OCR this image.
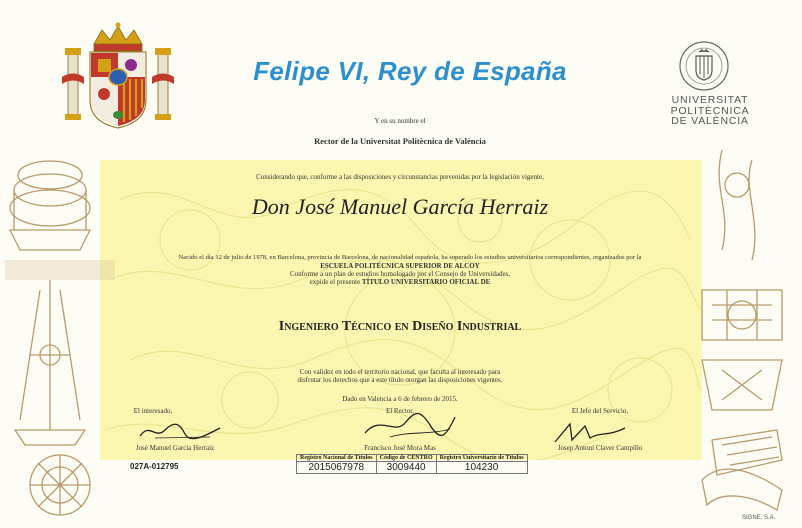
Felipe VI, Rey de España
Y en su nombre el
Rector de la Universitat Politècnica de València
UNIVERSITAT
POLITÈCNICA
DE VALÈNCIA
Considerando que, conforme a las disposiciones y circunstancias prevenidas por la legislación vigente,
Don José Manuel García Herraiz
Nacido el día 12 de julio de 1978, en Barcelona, provincia de Barcelona, de nacionalidad española, ha superado los estudios universitarios correspondientes, organizados por la
ESCUELA POLITÉCNICA SUPERIOR DE ALCOY
Conforme a un plan de estudios homologado por el Consejo de Universidades,
expide el presente TÍTULO UNIVERSITARIO OFICIAL DE
Ingeniero Técnico en Diseño Industrial
Con validez en todo el territorio nacional, que faculta al interesado para
disfrutar los derechos que a este título otorgan las disposiciones vigentes.
Dado en Valencia a 6 de febrero de 2015.
El interesado,	El Rector,	El Jefe del Servicio,
José Manuel García Herraiz	Francisco José Mora Mas	Josep Antoni Claver Campillo
027A-012795
Registro Nacional de Títulos	Código de CENTRO	Registro Universitario de Títulos
2015067978	3009440	104230
SIGNE, S.A.
